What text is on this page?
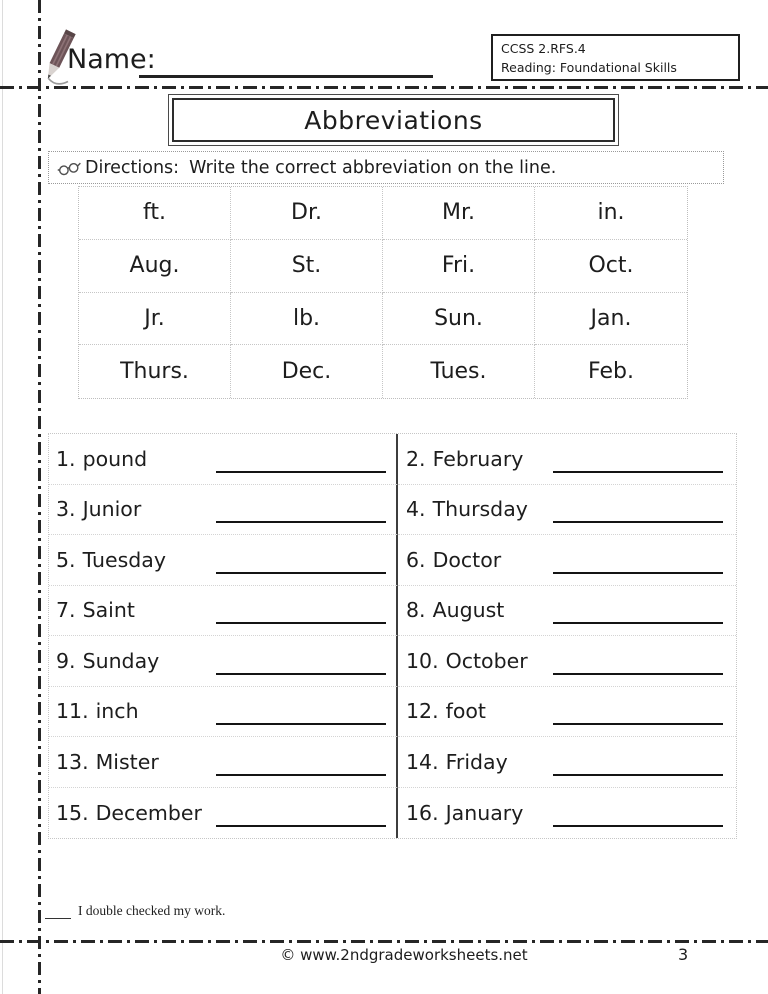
Name:	CCSS 2.RFS.4
Reading: Foundational Skills
Abbreviations
Directions: Write the correct abbreviation on the line.
ft.	Dr.	Mr.	in.
Aug.	St.	Fri.	Oct.
Jr.	lb.	Sun.	Jan.
Thurs.	Dec.	Tues.	Feb.
1. pound	2. February
3. Junior	4. Thursday
5. Tuesday	6. Doctor
7. Saint	8. August
9. Sunday	10. October
11. inch	12. foot
13. Mister	14. Friday
15. December	16. January
I double checked my work.
© www.2ndgradeworksheets.net	3
